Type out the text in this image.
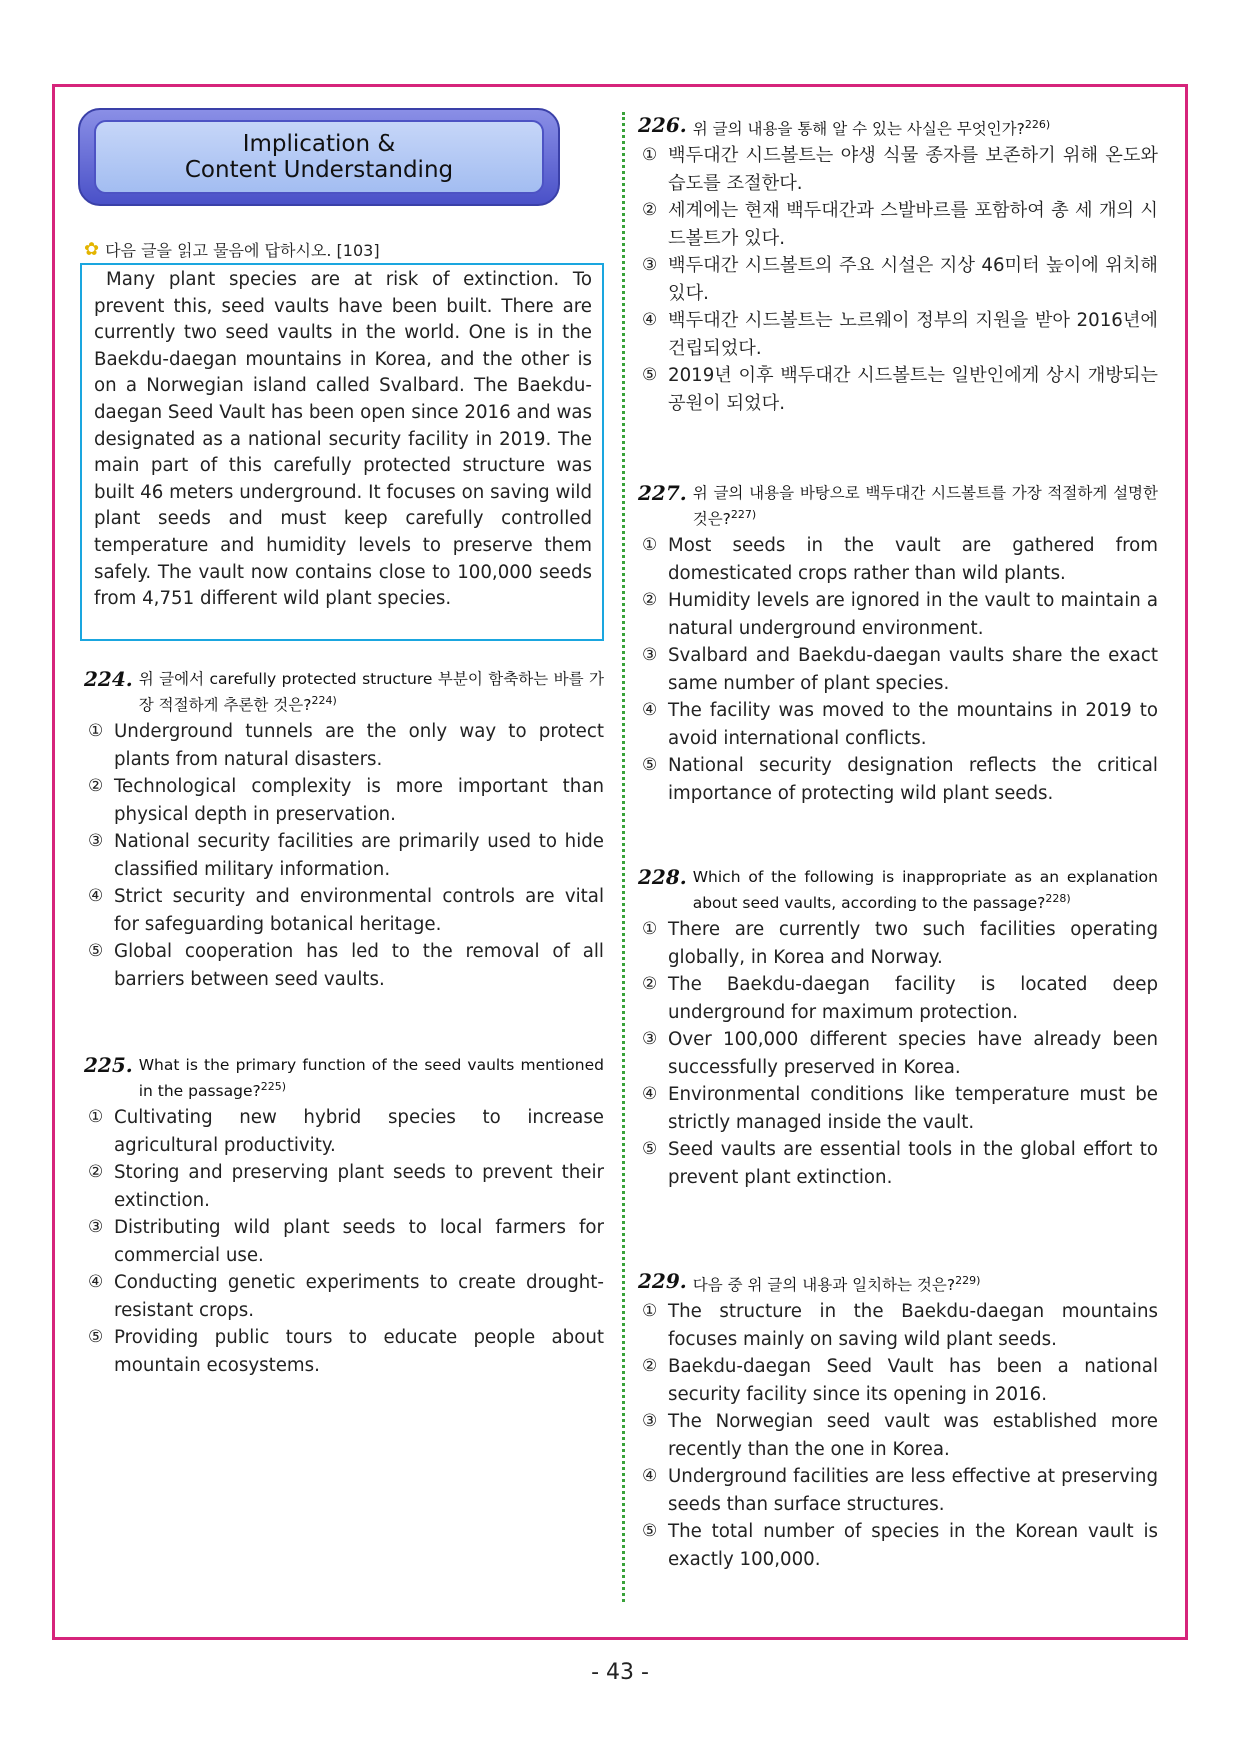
Implication &
Content Understanding
✿ 다음 글을 읽고 물음에 답하시오. [103]
Many plant species are at risk of extinction. To prevent this, seed vaults have been built. There are currently two seed vaults in the world. One is in the Baekdu-daegan mountains in Korea, and the other is on a Norwegian island called Svalbard. The Baekdu-daegan Seed Vault has been open since 2016 and was designated as a national security facility in 2019. The main part of this carefully protected structure was built 46 meters underground. It focuses on saving wild plant seeds and must keep carefully controlled temperature and humidity levels to preserve them safely. The vault now contains close to 100,000 seeds from 4,751 different wild plant species.
224. 위 글에서 carefully protected structure 부분이 함축하는 바를 가장 적절하게 추론한 것은?$^{224)}$
① Underground tunnels are the only way to protect plants from natural disasters.
② Technological complexity is more important than physical depth in preservation.
③ National security facilities are primarily used to hide classified military information.
④ Strict security and environmental controls are vital for safeguarding botanical heritage.
⑤ Global cooperation has led to the removal of all barriers between seed vaults.
225. What is the primary function of the seed vaults mentioned in the passage?$^{225)}$
① Cultivating new hybrid species to increase agricultural productivity.
② Storing and preserving plant seeds to prevent their extinction.
③ Distributing wild plant seeds to local farmers for commercial use.
④ Conducting genetic experiments to create drought-resistant crops.
⑤ Providing public tours to educate people about mountain ecosystems.
226. 위 글의 내용을 통해 알 수 있는 사실은 무엇인가?$^{226)}$
① 백두대간 시드볼트는 야생 식물 종자를 보존하기 위해 온도와 습도를 조절한다.
② 세계에는 현재 백두대간과 스발바르를 포함하여 총 세 개의 시드볼트가 있다.
③ 백두대간 시드볼트의 주요 시설은 지상 46미터 높이에 위치해 있다.
④ 백두대간 시드볼트는 노르웨이 정부의 지원을 받아 2016년에 건립되었다.
⑤ 2019년 이후 백두대간 시드볼트는 일반인에게 상시 개방되는 공원이 되었다.
227. 위 글의 내용을 바탕으로 백두대간 시드볼트를 가장 적절하게 설명한 것은?$^{227)}$
① Most seeds in the vault are gathered from domesticated crops rather than wild plants.
② Humidity levels are ignored in the vault to maintain a natural underground environment.
③ Svalbard and Baekdu-daegan vaults share the exact same number of plant species.
④ The facility was moved to the mountains in 2019 to avoid international conflicts.
⑤ National security designation reflects the critical importance of protecting wild plant seeds.
228. Which of the following is inappropriate as an explanation about seed vaults, according to the passage?$^{228)}$
① There are currently two such facilities operating globally, in Korea and Norway.
② The Baekdu-daegan facility is located deep underground for maximum protection.
③ Over 100,000 different species have already been successfully preserved in Korea.
④ Environmental conditions like temperature must be strictly managed inside the vault.
⑤ Seed vaults are essential tools in the global effort to prevent plant extinction.
229. 다음 중 위 글의 내용과 일치하는 것은?$^{229)}$
① The structure in the Baekdu-daegan mountains focuses mainly on saving wild plant seeds.
② Baekdu-daegan Seed Vault has been a national security facility since its opening in 2016.
③ The Norwegian seed vault was established more recently than the one in Korea.
④ Underground facilities are less effective at preserving seeds than surface structures.
⑤ The total number of species in the Korean vault is exactly 100,000.
- 43 -
